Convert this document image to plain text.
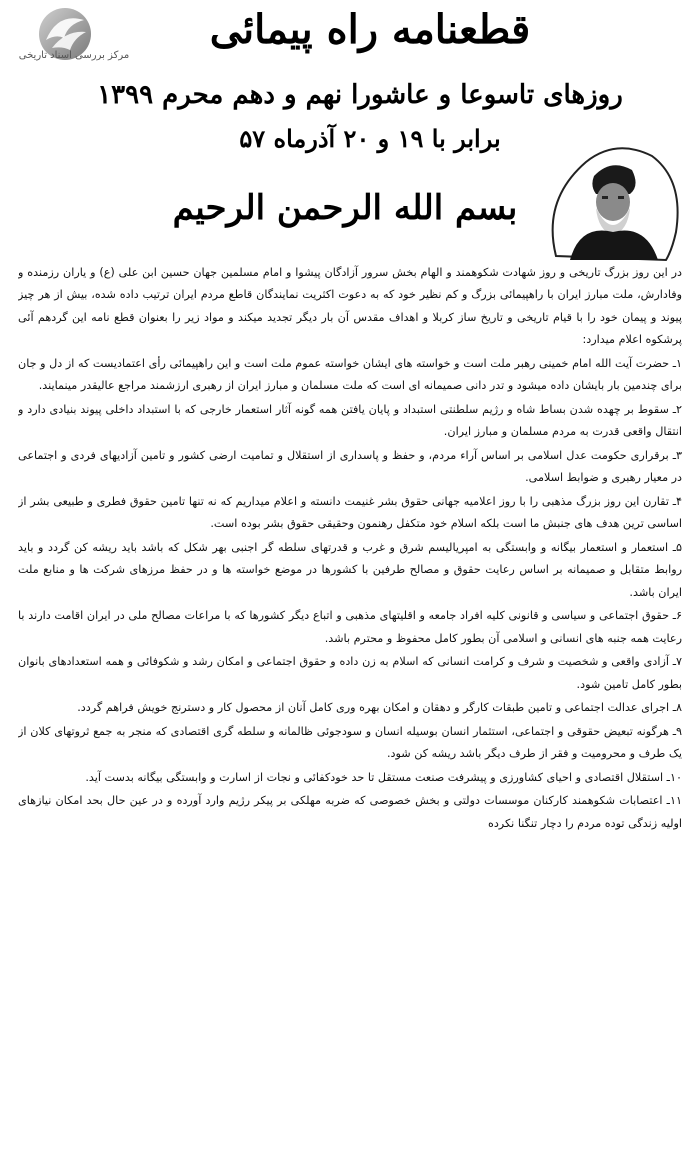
مرکز بررسی اسناد تاریخی
قطعنامه راه پیمائی
روزهای تاسوعا و عاشورا نهم و دهم محرم ۱۳۹۹
برابر با ۱۹ و ۲۰ آذرماه ۵۷
بسم الله الرحمن الرحیم

در این روز بزرگ تاریخی و روز شهادت شکوهمند و الهام بخش سرور آزادگان پیشوا و امام مسلمین جهان حسین ابن علی (ع) و یاران رزمنده و وفادارش، ملت مبارز ایران با راهپیمائی بزرگ و کم نظیر خود که به دعوت اکثریت نمایندگان قاطع مردم ایران ترتیب داده شده، بیش از هر چیز پیوند و پیمان خود را با قیام تاریخی و تاریخ ساز کربلا و اهداف مقدس آن بار دیگر تجدید میکند و مواد زیر را بعنوان قطع نامه این گردهم آئی پرشکوه اعلام میدارد:

۱ـ حضرت آیت الله امام خمینی رهبر ملت است و خواسته های ایشان خواسته عموم ملت است و این راهپیمائی رأی اعتمادیست که از دل و جان برای چندمین بار بایشان داده میشود و تدر دانی صمیمانه ای است که ملت مسلمان و مبارز ایران از رهبری ارزشمند مراجع عالیقدر مینمایند.

۲ـ سقوط بر چهده شدن بساط شاه و رژیم سلطنتی استبداد و پایان یافتن همه گونه آثار استعمار خارجی که با استبداد داخلی پیوند بنیادی دارد و انتقال واقعی قدرت به مردم مسلمان و مبارز ایران.

۳ـ برقراری حکومت عدل اسلامی بر اساس آراء مردم، و حفظ و پاسداری از استقلال و تمامیت ارضی کشور و تامین آزادیهای فردی و اجتماعی در معیار رهبری و ضوابط اسلامی.

۴ـ تقارن این روز بزرگ مذهبی را با روز اعلامیه جهانی حقوق بشر غنیمت دانسته و اعلام میداریم که نه تنها تامین حقوق فطری و طبیعی بشر از اساسی ترین هدف های جنبش ما است بلکه اسلام خود متکفل رهنمون وحقیقی حقوق بشر بوده است.

۵ـ استعمار و استعمار بیگانه و وابستگی به امپریالیسم شرق و غرب و قدرتهای سلطه گر اجنبی بهر شکل که باشد باید ریشه کن گردد و باید روابط متقابل و صمیمانه بر اساس رعایت حقوق و مصالح طرفین با کشورها در موضع خواسته ها و در حفظ مرزهای شرکت ها و منابع ملت ایران باشد.

۶ـ حقوق اجتماعی و سیاسی و قانونی کلیه افراد جامعه و اقلیتهای مذهبی و اتباع دیگر کشورها که با مراعات مصالح ملی در ایران اقامت دارند با رعایت همه جنبه های انسانی و اسلامی آن بطور کامل محفوظ و محترم باشد.

۷ـ آزادی واقعی و شخصیت و شرف و کرامت انسانی که اسلام به زن داده و حقوق اجتماعی و امکان رشد و شکوفائی و همه استعدادهای بانوان بطور کامل تامین شود.

۸ـ اجرای عدالت اجتماعی و تامین طبقات کارگر و دهقان و امکان بهره وری کامل آنان از محصول کار و دسترنج خویش فراهم گردد.

۹ـ هرگونه تبعیض حقوقی و اجتماعی، استثمار انسان بوسیله انسان و سودجوئی ظالمانه و سلطه گری اقتصادی که منجر به جمع ثروتهای کلان از یک طرف و محرومیت و فقر از طرف دیگر باشد ریشه کن شود.

۱۰ـ استقلال اقتصادی و احیای کشاورزی و پیشرفت صنعت مستقل تا حد خودکفائی و نجات از اسارت و وابستگی بیگانه بدست آید.

۱۱ـ اعتصابات شکوهمند کارکنان موسسات دولتی و بخش خصوصی که ضربه مهلکی بر پیکر رژیم وارد آورده و در عین حال بحد امکان نیازهای اولیه زندگی توده مردم را دچار تنگنا نکرده
